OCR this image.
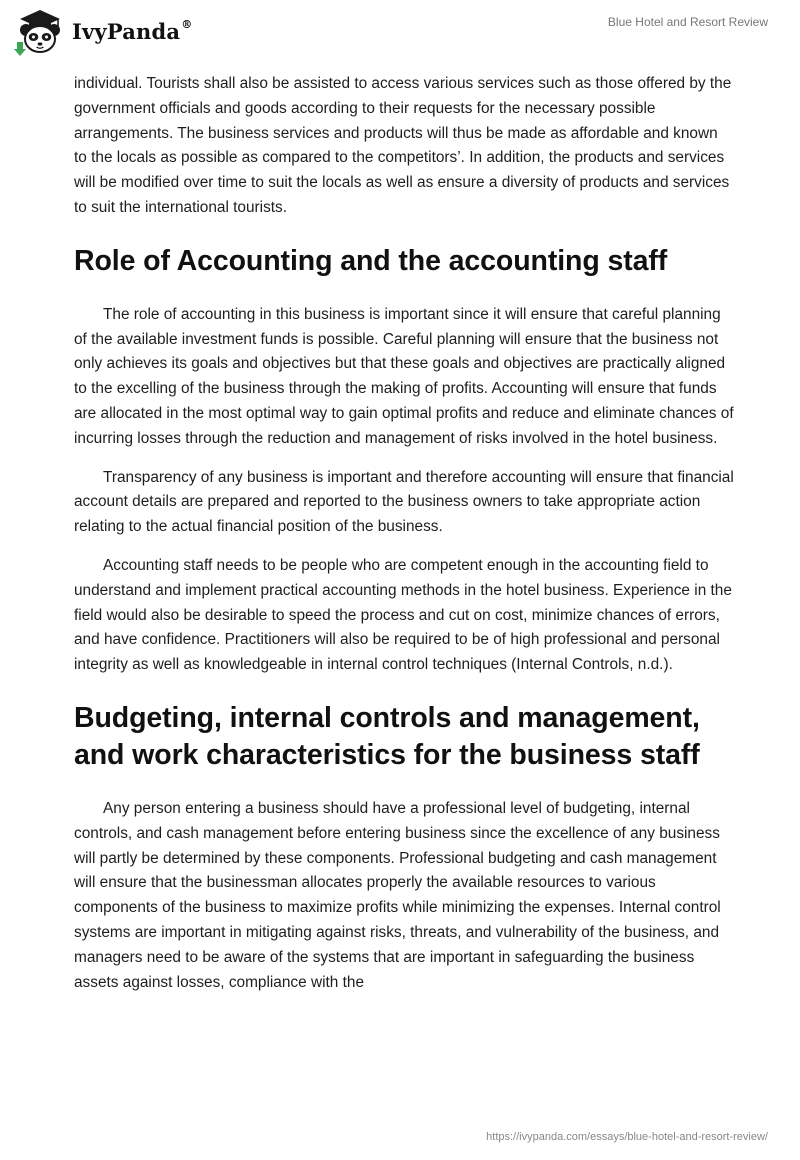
IvyPanda®	Blue Hotel and Resort Review

individual. Tourists shall also be assisted to access various services such as those offered by the government officials and goods according to their requests for the necessary possible arrangements. The business services and products will thus be made as affordable and known to the locals as possible as compared to the competitors’. In addition, the products and services will be modified over time to suit the locals as well as ensure a diversity of products and services to suit the international tourists.

Role of Accounting and the accounting staff

The role of accounting in this business is important since it will ensure that careful planning of the available investment funds is possible. Careful planning will ensure that the business not only achieves its goals and objectives but that these goals and objectives are practically aligned to the excelling of the business through the making of profits. Accounting will ensure that funds are allocated in the most optimal way to gain optimal profits and reduce and eliminate chances of incurring losses through the reduction and management of risks involved in the hotel business.

Transparency of any business is important and therefore accounting will ensure that financial account details are prepared and reported to the business owners to take appropriate action relating to the actual financial position of the business.

Accounting staff needs to be people who are competent enough in the accounting field to understand and implement practical accounting methods in the hotel business. Experience in the field would also be desirable to speed the process and cut on cost, minimize chances of errors, and have confidence. Practitioners will also be required to be of high professional and personal integrity as well as knowledgeable in internal control techniques (Internal Controls, n.d.).

Budgeting, internal controls and management, and work characteristics for the business staff

Any person entering a business should have a professional level of budgeting, internal controls, and cash management before entering business since the excellence of any business will partly be determined by these components. Professional budgeting and cash management will ensure that the businessman allocates properly the available resources to various components of the business to maximize profits while minimizing the expenses. Internal control systems are important in mitigating against risks, threats, and vulnerability of the business, and managers need to be aware of the systems that are important in safeguarding the business assets against losses, compliance with the

https://ivypanda.com/essays/blue-hotel-and-resort-review/
